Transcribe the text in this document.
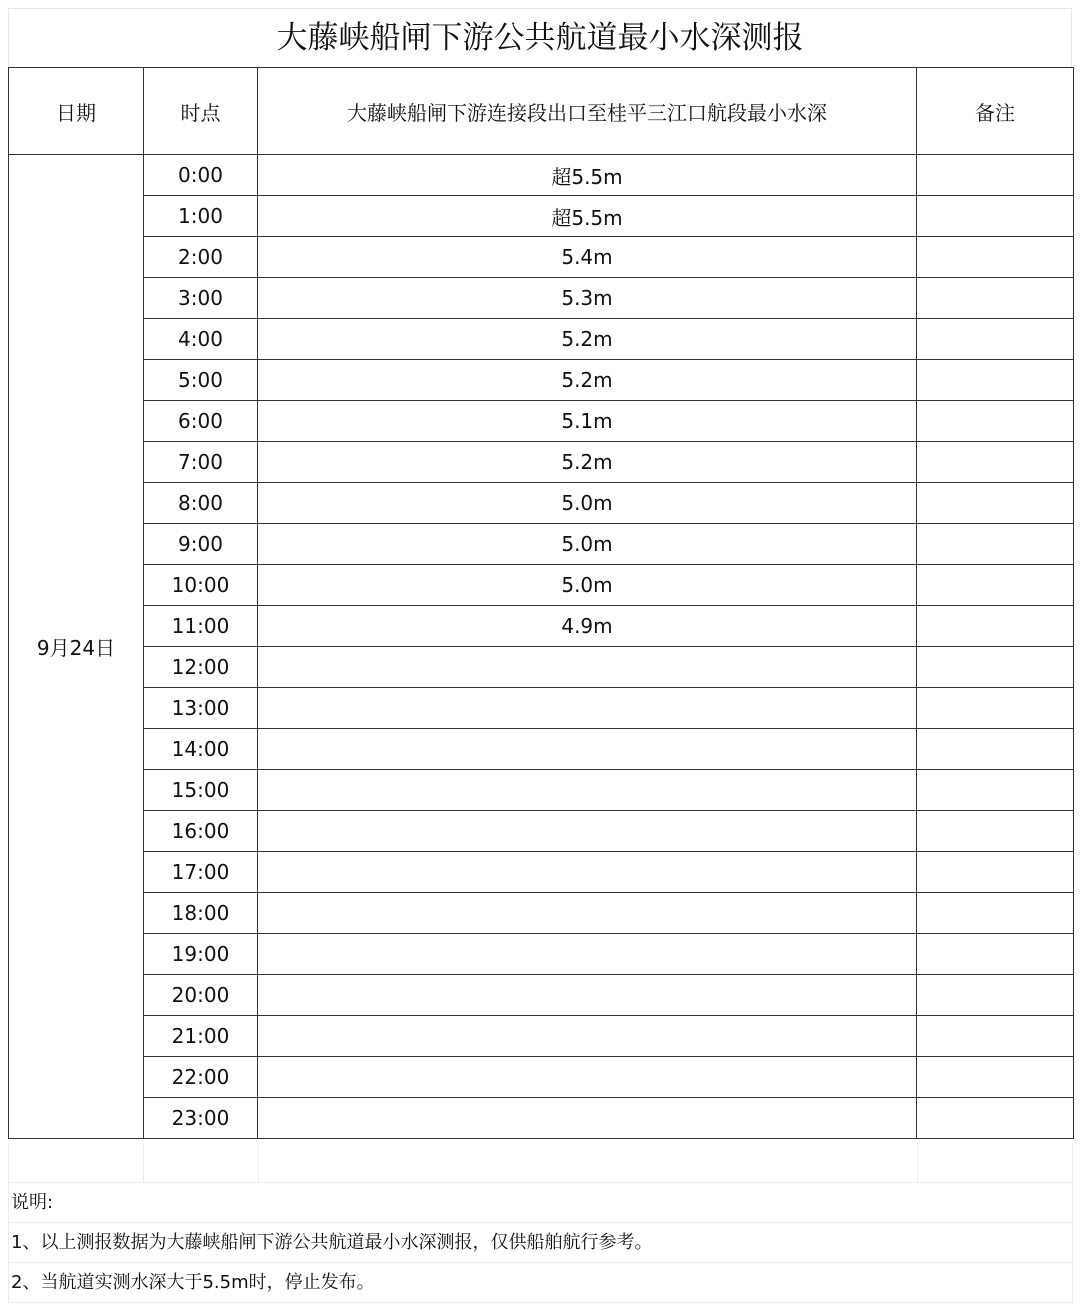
大藤峡船闸下游公共航道最小水深测报
日期	时点	大藤峡船闸下游连接段出口至桂平三江口航段最小水深	备注
9月24日	0:00	超5.5m	
	1:00	超5.5m	
	2:00	5.4m	
	3:00	5.3m	
	4:00	5.2m	
	5:00	5.2m	
	6:00	5.1m	
	7:00	5.2m	
	8:00	5.0m	
	9:00	5.0m	
	10:00	5.0m	
	11:00	4.9m	
	12:00		
	13:00		
	14:00		
	15:00		
	16:00		
	17:00		
	18:00		
	19:00		
	20:00		
	21:00		
	22:00		
	23:00		
说明:
1、以上测报数据为大藤峡船闸下游公共航道最小水深测报，仅供船舶航行参考。
2、当航道实测水深大于5.5m时，停止发布。
